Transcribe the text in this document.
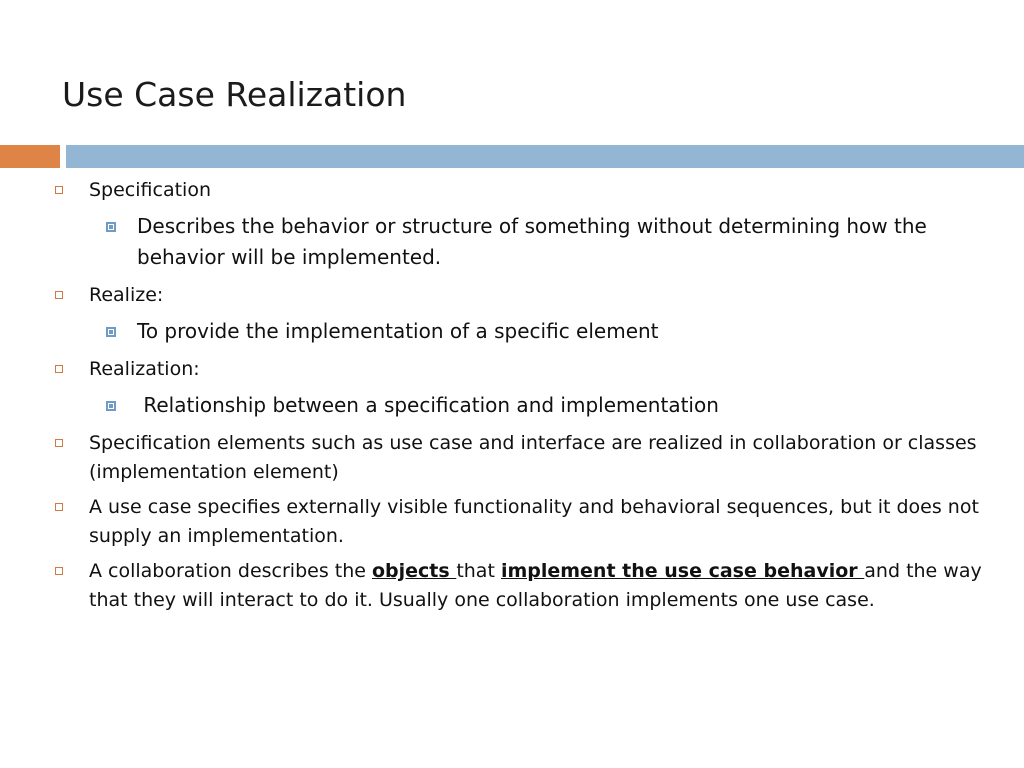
Use Case Realization
Specification
Describes the behavior or structure of something without determining how the behavior will be implemented.
Realize:
To provide the implementation of a specific element
Realization:
Relationship between a specification and implementation
Specification elements such as use case and interface are realized in collaboration or classes (implementation element)
A use case specifies externally visible functionality and behavioral sequences, but it does not supply an implementation.
A collaboration describes the objects that implement the use case behavior and the way that they will interact to do it. Usually one collaboration implements one use case.
